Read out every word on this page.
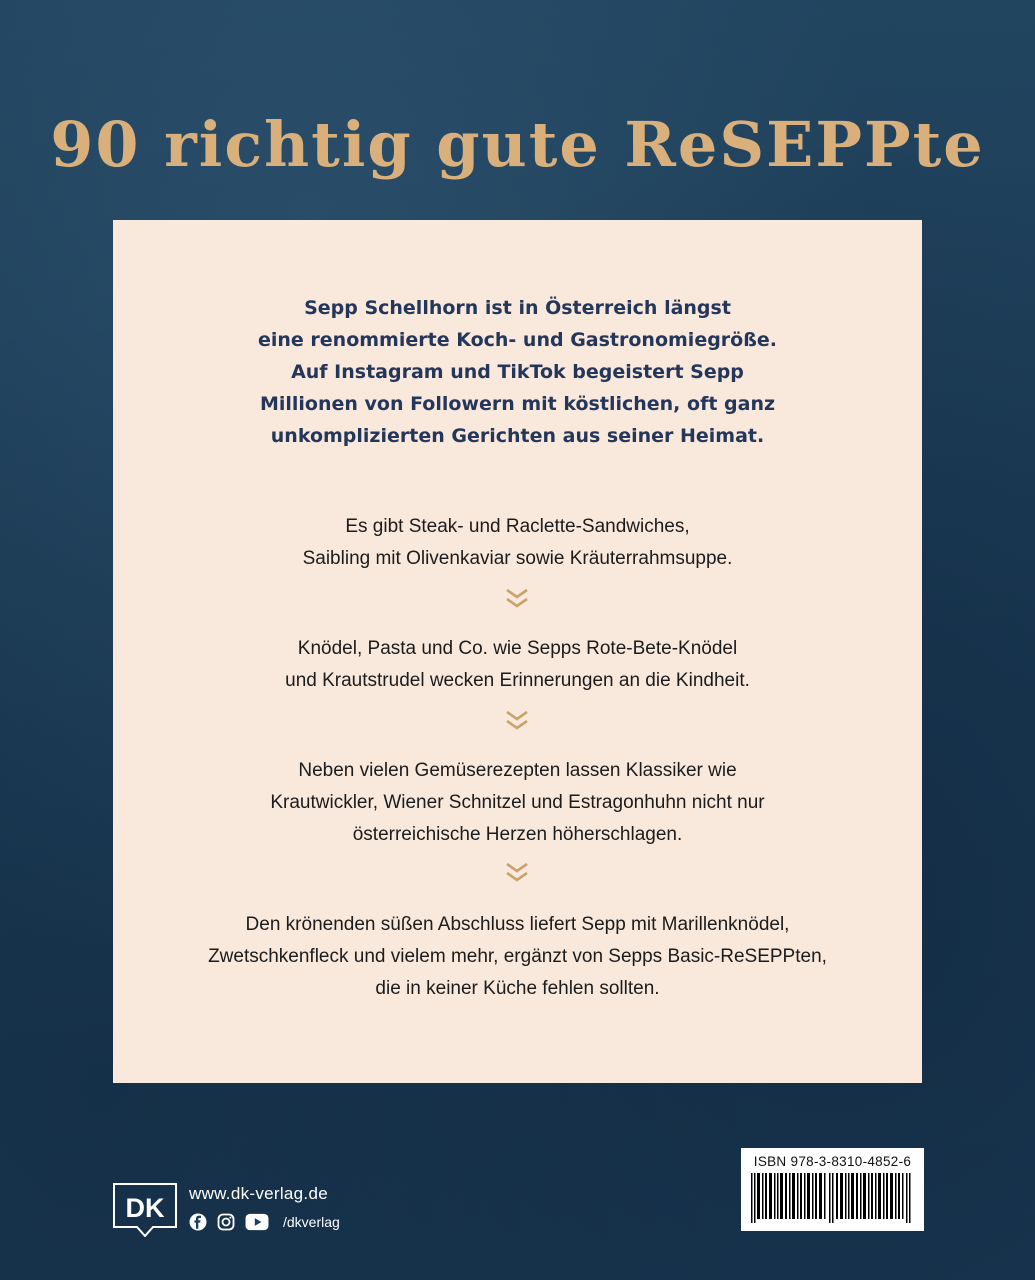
90 richtig gute ReSEPPte
Sepp Schellhorn ist in Österreich längst
eine renommierte Koch- und Gastronomiegröße.
Auf Instagram und TikTok begeistert Sepp
Millionen von Followern mit köstlichen, oft ganz
unkomplizierten Gerichten aus seiner Heimat.
Es gibt Steak- und Raclette-Sandwiches,
Saibling mit Olivenkaviar sowie Kräuterrahmsuppe.
Knödel, Pasta und Co. wie Sepps Rote-Bete-Knödel
und Krautstrudel wecken Erinnerungen an die Kindheit.
Neben vielen Gemüserezepten lassen Klassiker wie
Krautwickler, Wiener Schnitzel und Estragonhuhn nicht nur
österreichische Herzen höherschlagen.
Den krönenden süßen Abschluss liefert Sepp mit Marillenknödel,
Zwetschkenfleck und vielem mehr, ergänzt von Sepps Basic-ReSEPPten,
die in keiner Küche fehlen sollten.
DK www.dk-verlag.de
/dkverlag
ISBN 978-3-8310-4852-6
